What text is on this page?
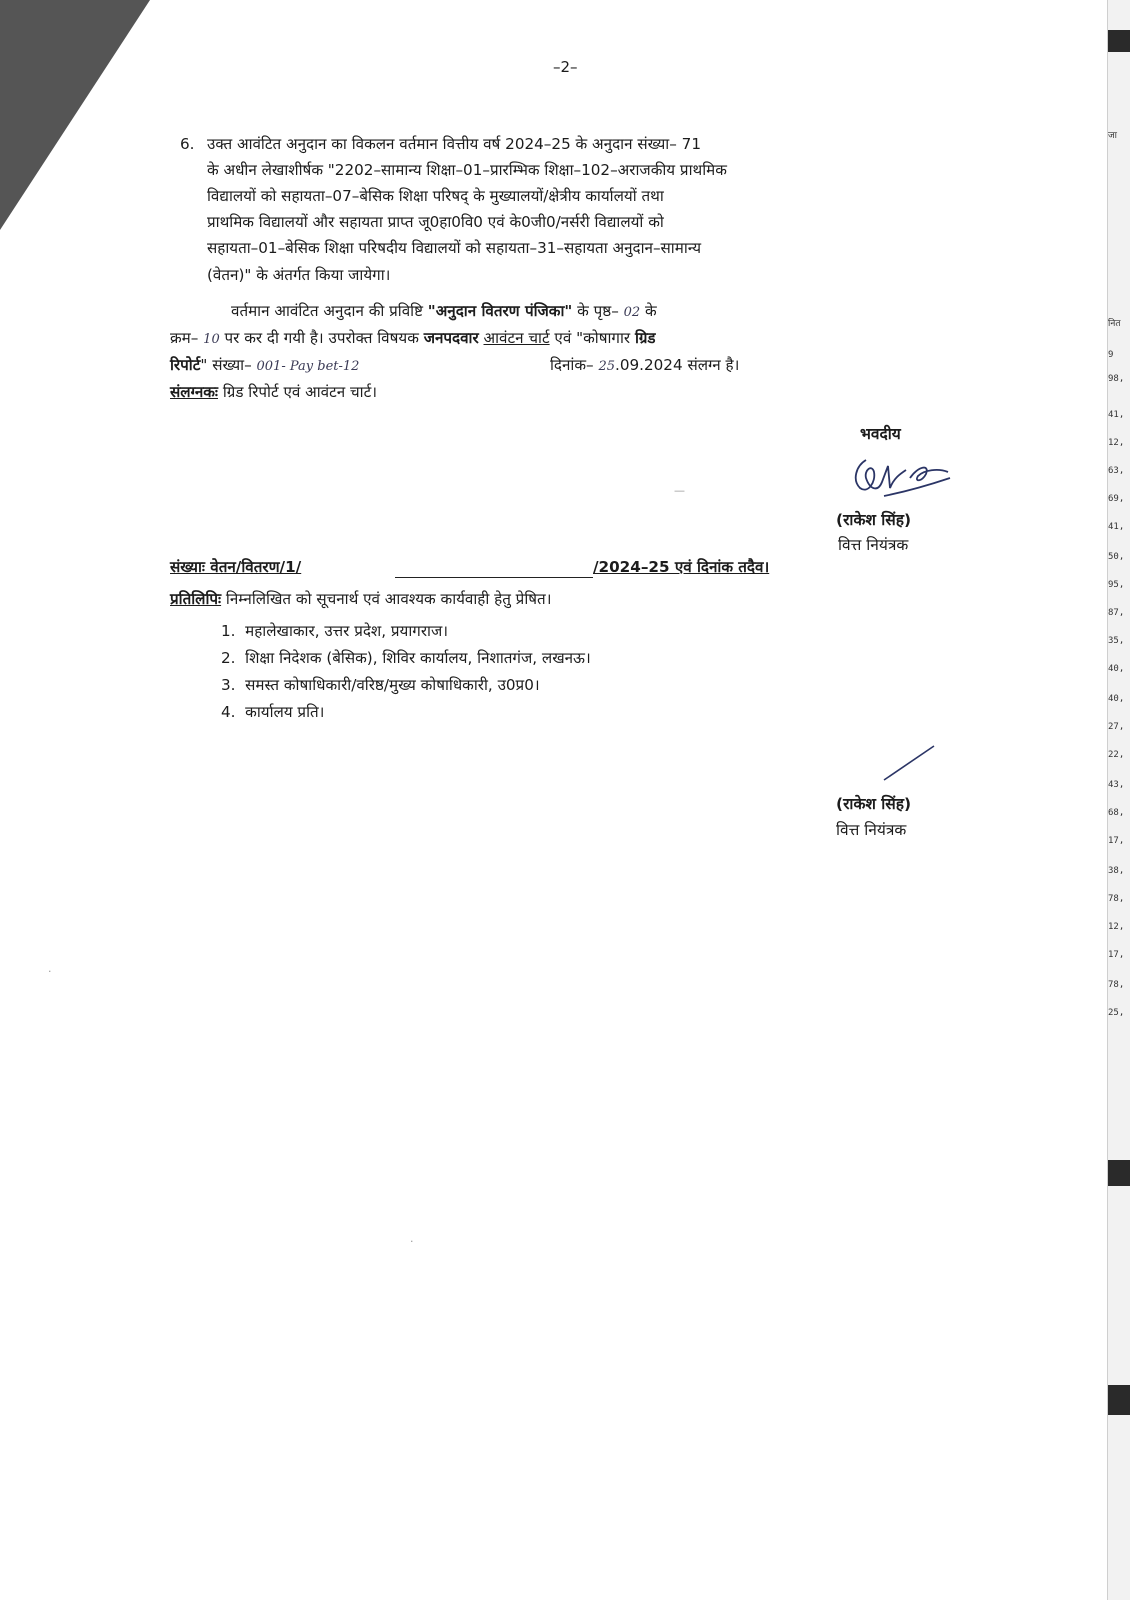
जा
नित
9
98,
41,
12,
63,
69,
41,
50,
95,
87,
35,
40,
40,
27,
22,
43,
68,
17,
38,
78,
12,
17,
78,
25,
–2–
6. उक्त आवंटित अनुदान का विकलन वर्तमान वित्तीय वर्ष 2024–25 के अनुदान संख्या– 71
के अधीन लेखाशीर्षक "2202–सामान्य शिक्षा–01–प्रारम्भिक शिक्षा–102–अराजकीय प्राथमिक
विद्यालयों को सहायता–07–बेसिक शिक्षा परिषद् के मुख्यालयों/क्षेत्रीय कार्यालयों तथा
प्राथमिक विद्यालयों और सहायता प्राप्त जू0हा0वि0 एवं के0जी0/नर्सरी विद्यालयों को
सहायता–01–बेसिक शिक्षा परिषदीय विद्यालयों को सहायता–31–सहायता अनुदान–सामान्य
(वेतन)" के अंतर्गत किया जायेगा।
वर्तमान आवंटित अनुदान की प्रविष्टि "अनुदान वितरण पंजिका" के पृष्ठ– 02 के
क्रम– 10 पर कर दी गयी है। उपरोक्त विषयक जनपदवार आवंटन चार्ट एवं "कोषागार ग्रिड
रिपोर्ट" संख्या– 001- Pay bet-12	दिनांक– 25.09.2024 संलग्न है।
संलग्नकः ग्रिड रिपोर्ट एवं आवंटन चार्ट।
भवदीय
(राकेश सिंह)
वित्त नियंत्रक
—
संख्याः वेतन/वितरण/1/	/2024–25 एवं दिनांक तदैव।
प्रतिलिपिः निम्नलिखित को सूचनार्थ एवं आवश्यक कार्यवाही हेतु प्रेषित।
1. महालेखाकार, उत्तर प्रदेश, प्रयागराज।
2. शिक्षा निदेशक (बेसिक), शिविर कार्यालय, निशातगंज, लखनऊ।
3. समस्त कोषाधिकारी/वरिष्ठ/मुख्य कोषाधिकारी, उ0प्र0।
4. कार्यालय प्रति।
(राकेश सिंह)
वित्त नियंत्रक
·
·
